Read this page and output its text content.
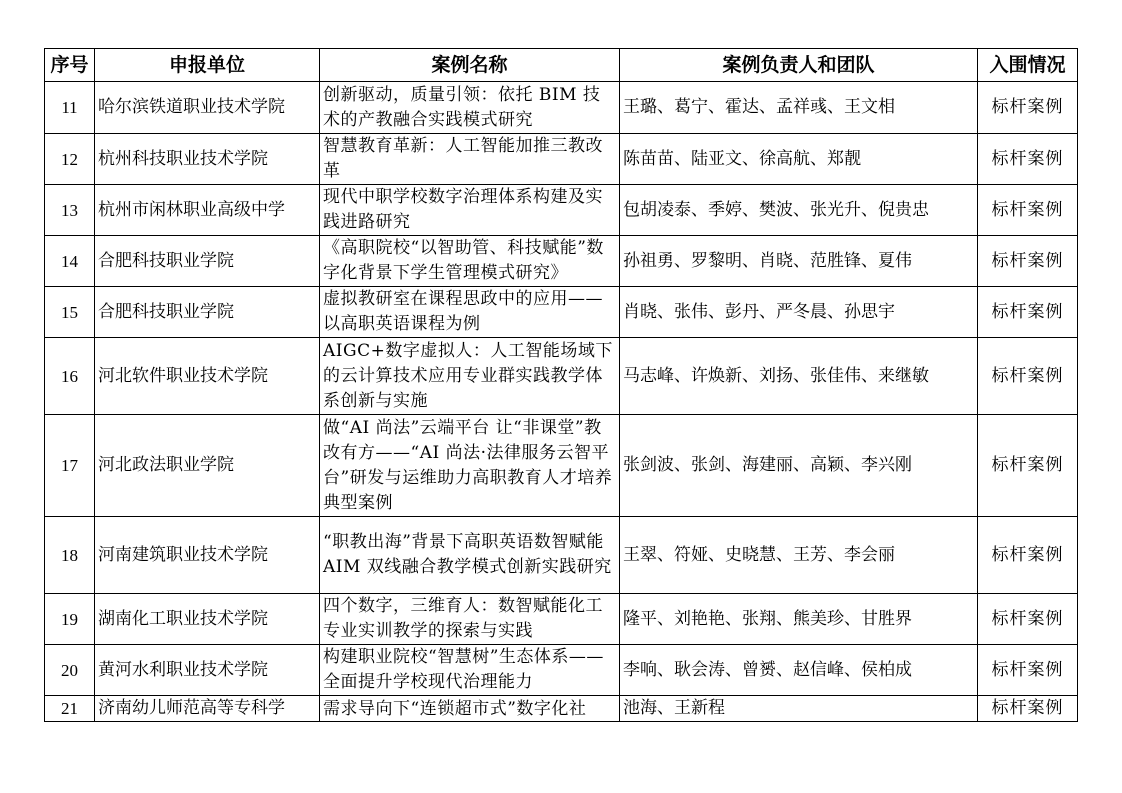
序号	申报单位	案例名称	案例负责人和团队	入围情况
11	哈尔滨铁道职业技术学院	创新驱动，质量引领：依托 BIM 技术的产教融合实践模式研究	王璐、葛宁、霍达、孟祥彧、王文相	标杆案例
12	杭州科技职业技术学院	智慧教育革新：人工智能加推三教改革	陈苗苗、陆亚文、徐高航、郑靓	标杆案例
13	杭州市闲林职业高级中学	现代中职学校数字治理体系构建及实践进路研究	包胡凌泰、季婷、樊波、张光升、倪贵忠	标杆案例
14	合肥科技职业学院	《高职院校“以智助管、科技赋能”数字化背景下学生管理模式研究》	孙祖勇、罗黎明、肖晓、范胜锋、夏伟	标杆案例
15	合肥科技职业学院	虚拟教研室在课程思政中的应用——以高职英语课程为例	肖晓、张伟、彭丹、严冬晨、孙思宇	标杆案例
16	河北软件职业技术学院	AIGC+数字虚拟人：人工智能场域下的云计算技术应用专业群实践教学体系创新与实施	马志峰、许焕新、刘扬、张佳伟、来继敏	标杆案例
17	河北政法职业学院	做“AI 尚法”云端平台 让“非课堂”教改有方——“AI 尚法·法律服务云智平台”研发与运维助力高职教育人才培养典型案例	张剑波、张剑、海建丽、高颖、李兴刚	标杆案例
18	河南建筑职业技术学院	“职教出海”背景下高职英语数智赋能 AIM 双线融合教学模式创新实践研究	王翠、符娅、史晓慧、王芳、李会丽	标杆案例
19	湖南化工职业技术学院	四个数字，三维育人：数智赋能化工专业实训教学的探索与实践	隆平、刘艳艳、张翔、熊美珍、甘胜界	标杆案例
20	黄河水利职业技术学院	构建职业院校“智慧树”生态体系——全面提升学校现代治理能力	李响、耿会涛、曾赟、赵信峰、侯柏成	标杆案例
21	济南幼儿师范高等专科学	需求导向下“连锁超市式”数字化社	池海、王新程	标杆案例
